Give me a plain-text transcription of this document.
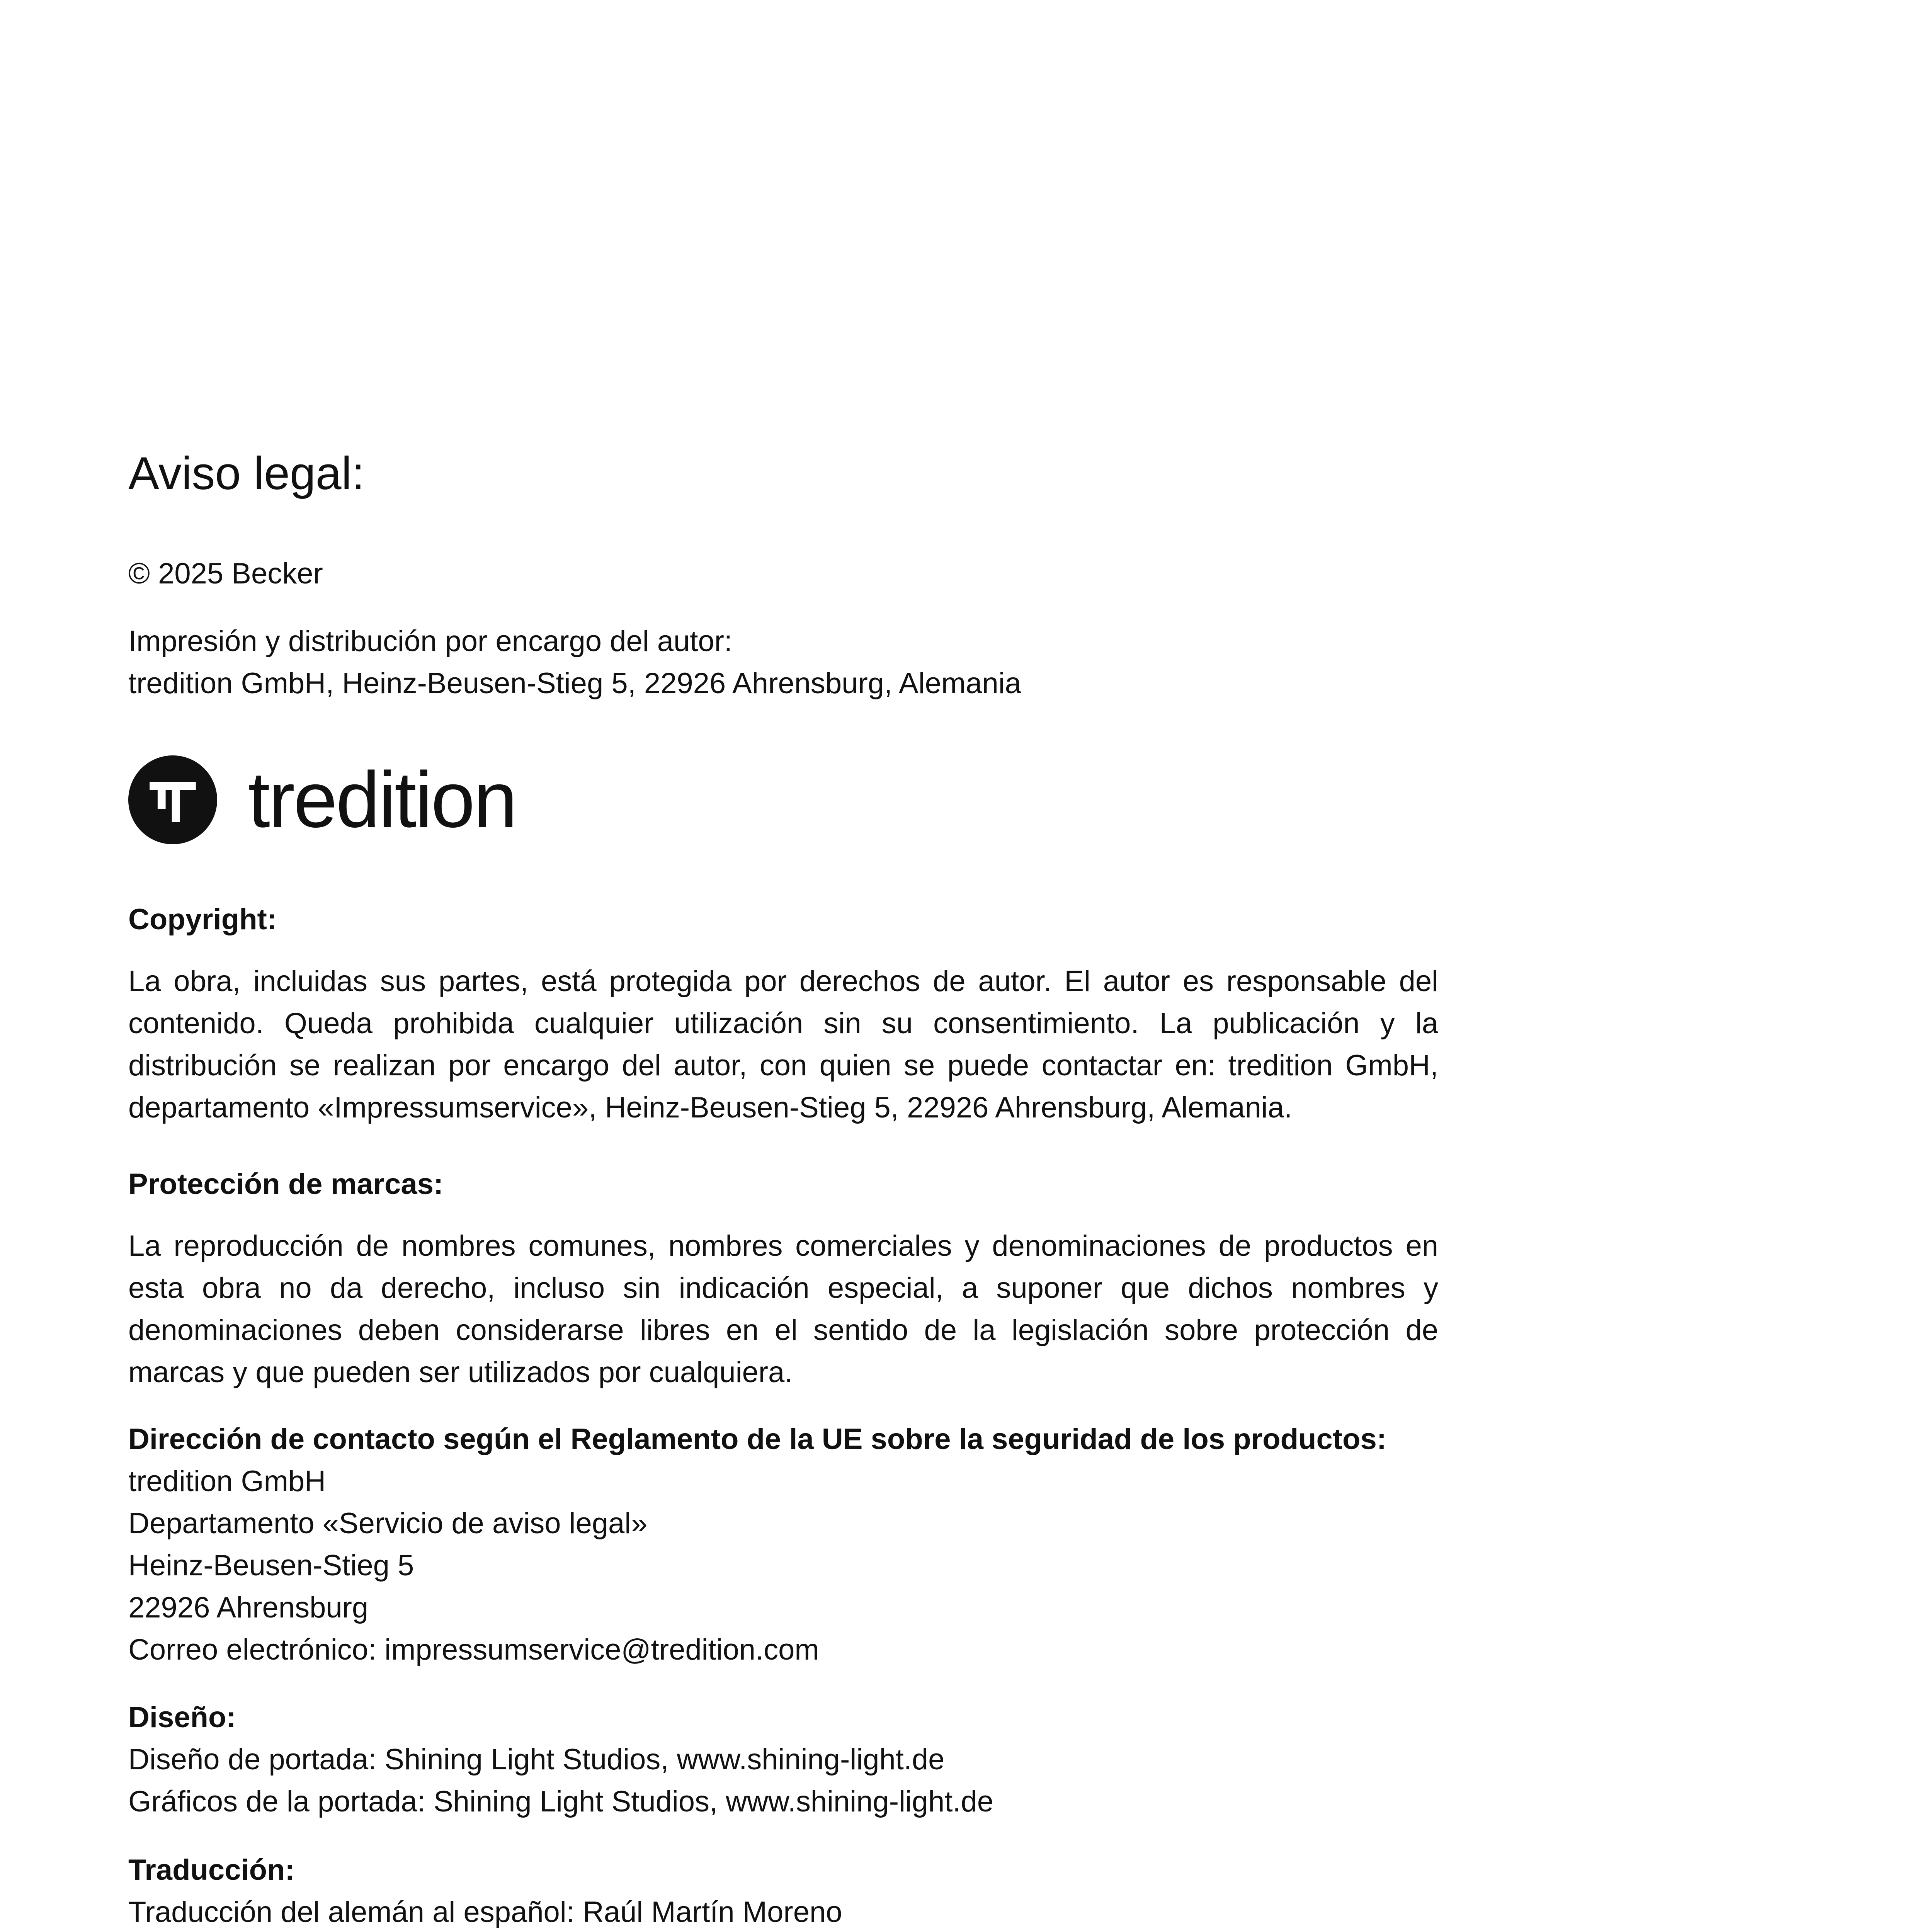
Aviso legal:
© 2025 Becker
Impresión y distribución por encargo del autor:
tredition GmbH, Heinz-Beusen-Stieg 5, 22926 Ahrensburg, Alemania
tredition
Copyright:
La obra, incluidas sus partes, está protegida por derechos de autor. El autor es responsable del contenido. Queda prohibida cualquier utilización sin su consentimiento. La publicación y la distribución se realizan por encargo del autor, con quien se puede contactar en: tredition GmbH, departamento «Impressumservice», Heinz-Beusen-Stieg 5, 22926 Ahrensburg, Alemania.
Protección de marcas:
La reproducción de nombres comunes, nombres comerciales y denominaciones de productos en esta obra no da derecho, incluso sin indicación especial, a suponer que dichos nombres y denominaciones deben considerarse libres en el sentido de la legislación sobre protección de marcas y que pueden ser utilizados por cualquiera.
Dirección de contacto según el Reglamento de la UE sobre la seguridad de los productos:
tredition GmbH
Departamento «Servicio de aviso legal»
Heinz-Beusen-Stieg 5
22926 Ahrensburg
Correo electrónico: impressumservice@tredition.com
Diseño:
Diseño de portada: Shining Light Studios, www.shining-light.de
Gráficos de la portada: Shining Light Studios, www.shining-light.de
Traducción:
Traducción del alemán al español: Raúl Martín Moreno
